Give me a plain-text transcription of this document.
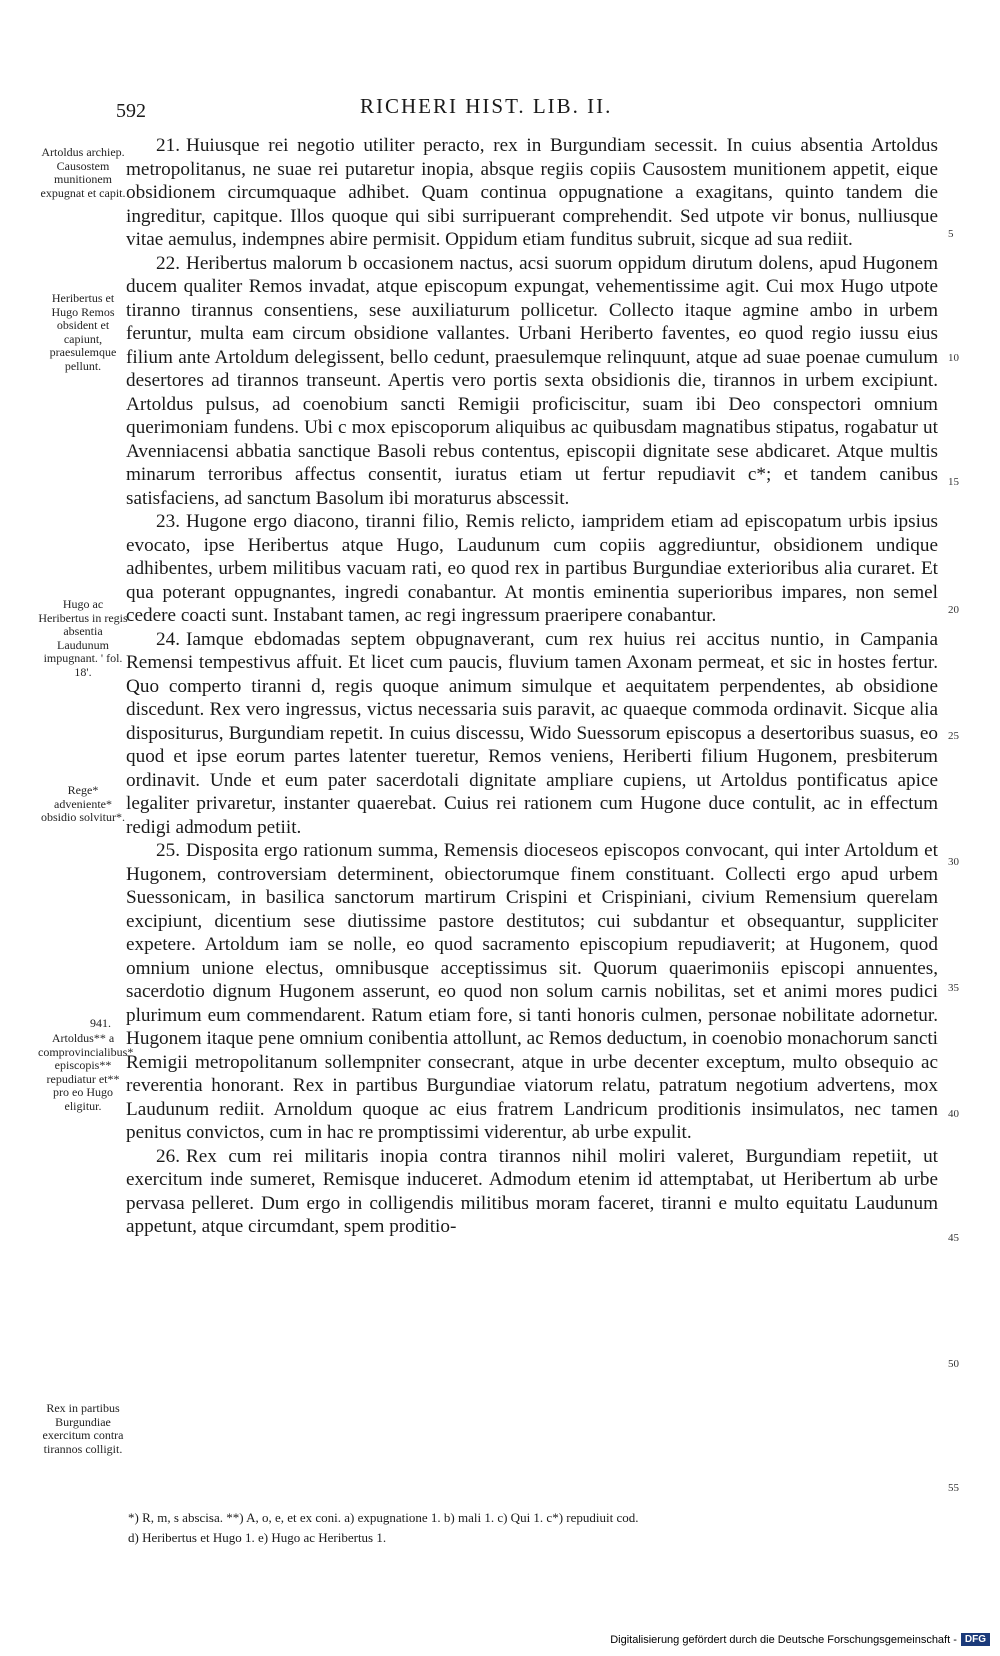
592	RICHERI HIST. LIB. II.
Artoldus archiep. Causostem munitionem expugnat et capit.
Heribertus et Hugo Remos obsident et capiunt, praesulemque pellunt.
Hugo ac Heribertus in regis absentia Laudunum impugnant. ' fol. 18'.
Rege* adveniente* obsidio solvitur*.
941.
Artoldus** a comprovincialibus* episcopis** repudiatur et** pro eo Hugo eligitur.
Rex in partibus Burgundiae exercitum contra tirannos colligit.

21. Huiusque rei negotio utiliter peracto, rex in Burgundiam secessit. In cuius absentia Artoldus metropolitanus, ne suae rei putaretur inopia, absque regiis copiis Causostem munitionem appetit, eique obsidionem circumquaque adhibet. Quam continua oppugnatione a exagitans, quinto tandem die ingreditur, capitque. Illos quoque qui sibi surripuerant comprehendit. Sed utpote vir bonus, nulliusque vitae aemulus, indempnes abire permisit. Oppidum etiam funditus subruit, sicque ad sua rediit.

22. Heribertus malorum b occasionem nactus, acsi suorum oppidum dirutum dolens, apud Hugonem ducem qualiter Remos invadat, atque episcopum expungat, vehementissime agit. Cui mox Hugo utpote tiranno tirannus consentiens, sese auxiliaturum pollicetur. Collecto itaque agmine ambo in urbem feruntur, multa eam circum obsidione vallantes. Urbani Heriberto faventes, eo quod regio iussu eius filium ante Artoldum delegissent, bello cedunt, praesulemque relinquunt, atque ad suae poenae cumulum desertores ad tirannos transeunt. Apertis vero portis sexta obsidionis die, tirannos in urbem excipiunt. Artoldus pulsus, ad coenobium sancti Remigii proficiscitur, suam ibi Deo conspectori omnium querimoniam fundens. Ubi c mox episcoporum aliquibus ac quibusdam magnatibus stipatus, rogabatur ut Avenniacensi abbatia sanctique Basoli rebus contentus, episcopii dignitate sese abdicaret. Atque multis minarum terroribus affectus consentit, iuratus etiam ut fertur repudiavit c*; et tandem canibus satisfaciens, ad sanctum Basolum ibi moraturus abscessit.

23. Hugone ergo diacono, tiranni filio, Remis relicto, iampridem etiam ad episcopatum urbis ipsius evocato, ipse Heribertus atque Hugo, Laudunum cum copiis aggrediuntur, obsidionem undique adhibentes, urbem militibus vacuam rati, eo quod rex in partibus Burgundiae exterioribus alia curaret. Et qua poterant oppugnantes, ingredi conabantur. At montis eminentia superioribus impares, non semel cedere coacti sunt. Instabant tamen, ac regi ingressum praeripere conabantur.

24. Iamque ebdomadas septem obpugnaverant, cum rex huius rei accitus nuntio, in Campania Remensi tempestivus affuit. Et licet cum paucis, fluvium tamen Axonam permeat, et sic in hostes fertur. Quo comperto tiranni d, regis quoque animum simulque et aequitatem perpendentes, ab obsidione discedunt. Rex vero ingressus, victus necessaria suis paravit, ac quaeque commoda ordinavit. Sicque alia dispositurus, Burgundiam repetit. In cuius discessu, Wido Suessorum episcopus a desertoribus suasus, eo quod et ipse eorum partes latenter tueretur, Remos veniens, Heriberti filium Hugonem, presbiterum ordinavit. Unde et eum pater sacerdotali dignitate ampliare cupiens, ut Artoldus pontificatus apice legaliter privaretur, instanter quaerebat. Cuius rei rationem cum Hugone duce contulit, ac in effectum redigi admodum petiit.

25. Disposita ergo rationum summa, Remensis dioceseos episcopos convocant, qui inter Artoldum et Hugonem, controversiam determinent, obiectorumque finem constituant. Collecti ergo apud urbem Suessonicam, in basilica sanctorum martirum Crispini et Crispiniani, civium Remensium querelam excipiunt, dicentium sese diutissime pastore destitutos; cui subdantur et obsequantur, suppliciter expetere. Artoldum iam se nolle, eo quod sacramento episcopium repudiaverit; at Hugonem, quod omnium unione electus, omnibusque acceptissimus sit. Quorum quaerimoniis episcopi annuentes, sacerdotio dignum Hugonem asserunt, eo quod non solum carnis nobilitas, set et animi mores pudici plurimum eum commendarent. Ratum etiam fore, si tanti honoris culmen, personae nobilitate adornetur. Hugonem itaque pene omnium conibentia attollunt, ac Remos deductum, in coenobio monachorum sancti Remigii metropolitanum sollempniter consecrant, atque in urbe decenter exceptum, multo obsequio ac reverentia honorant. Rex in partibus Burgundiae viatorum relatu, patratum negotium advertens, mox Laudunum rediit. Arnoldum quoque ac eius fratrem Landricum proditionis insimulatos, nec tamen penitus convictos, cum in hac re promptissimi viderentur, ab urbe expulit.

26. Rex cum rei militaris inopia contra tirannos nihil moliri valeret, Burgundiam repetiit, ut exercitum inde sumeret, Remisque induceret. Admodum etenim id attemptabat, ut Heribertum ab urbe pervasa pelleret. Dum ergo in colligendis militibus moram faceret, tiranni e multo equitatu Laudunum appetunt, atque circumdant, spem proditio-

5
10
15
20
25
30
35
40
45
50
55
*) R, m, s abscisa. **) A, o, e, et ex coni. a) expugnatione 1. b) mali 1. c) Qui 1. c*) repudiuit cod.
d) Heribertus et Hugo 1. e) Hugo ac Heribertus 1.
Digitalisierung gefördert durch die Deutsche Forschungsgemeinschaft - DFG
